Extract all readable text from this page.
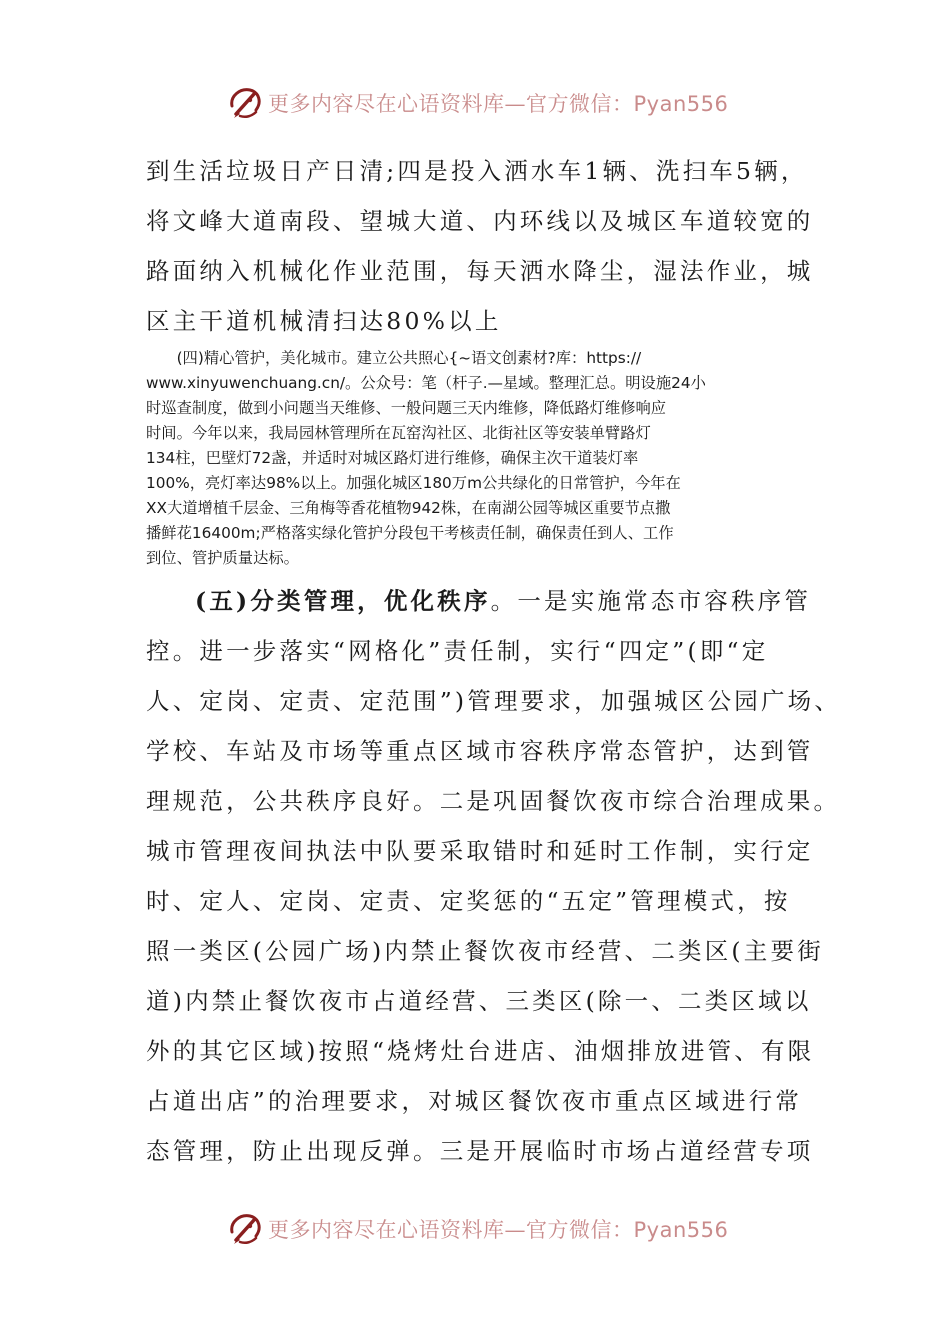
更多内容尽在心语资料库—官方微信：Pyan556
到生活垃圾日产日清;四是投入洒水车1辆、洗扫车5辆，
将文峰大道南段、望城大道、内环线以及城区车道较宽的
路面纳入机械化作业范围，每天洒水降尘，湿法作业，城
区主干道机械清扫达80%以上
　　(四)精心管护，美化城市。建立公共照心{~语文创素材?库：https://
www.xinyuwenchuang.cn/。公众号：笔（杆子.—星域。整理汇总。明设施24小
时巡查制度，做到小问题当天维修、一般问题三天内维修，降低路灯维修响应
时间。今年以来，我局园林管理所在瓦窑沟社区、北街社区等安装单臂路灯
134柱，巴壁灯72盏，并适时对城区路灯进行维修，确保主次干道装灯率
100%，亮灯率达98%以上。加强化城区180万m公共绿化的日常管护，今年在
XX大道增植千层金、三角梅等香花植物942株，在南湖公园等城区重要节点撒
播鲜花16400m;严格落实绿化管护分段包干考核责任制，确保责任到人、工作
到位、管护质量达标。
(五)分类管理，优化秩序。一是实施常态市容秩序管
控。进一步落实“网格化”责任制，实行“四定”(即“定
人、定岗、定责、定范围”)管理要求，加强城区公园广场、
学校、车站及市场等重点区域市容秩序常态管护，达到管
理规范，公共秩序良好。二是巩固餐饮夜市综合治理成果。
城市管理夜间执法中队要采取错时和延时工作制，实行定
时、定人、定岗、定责、定奖惩的“五定”管理模式，按
照一类区(公园广场)内禁止餐饮夜市经营、二类区(主要街
道)内禁止餐饮夜市占道经营、三类区(除一、二类区域以
外的其它区域)按照“烧烤灶台进店、油烟排放进管、有限
占道出店”的治理要求，对城区餐饮夜市重点区域进行常
态管理，防止出现反弹。三是开展临时市场占道经营专项
更多内容尽在心语资料库—官方微信：Pyan556
